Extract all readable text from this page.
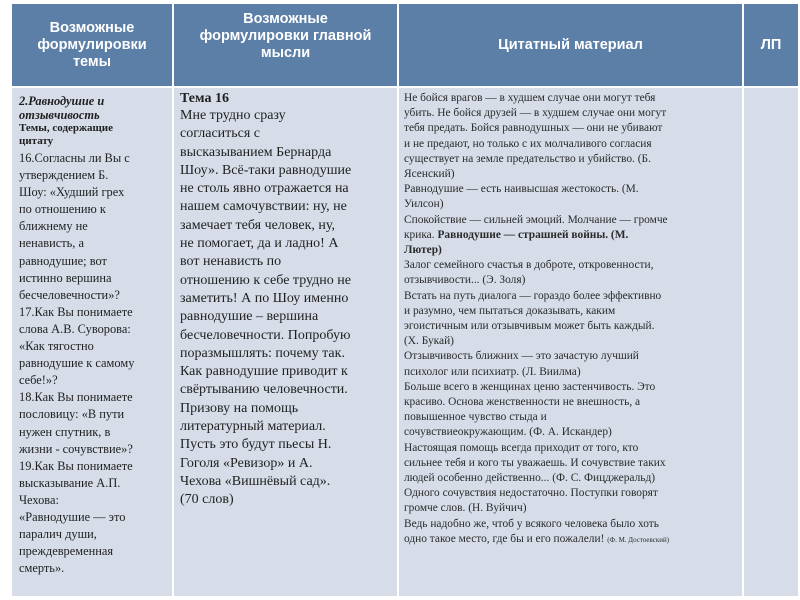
Возможные
формулировки
темы
Возможные
формулировки главной
мысли
Цитатный материал	ЛП
2.Равнодушие и
отзывчивость
Темы, содержащие
цитату
16.Согласны ли Вы с
утверждением Б.
Шоу: «Худший грех
по отношению к
ближнему не
ненависть, а
равнодушие; вот
истинно вершина
бесчеловечности»?
17.Как Вы понимаете
слова А.В. Суворова:
«Как тягостно
равнодушие к самому
себе!»?
18.Как Вы понимаете
пословицу: «В пути
нужен спутник, в
жизни - сочувствие»?
19.Как Вы понимаете
высказывание А.П.
Чехова:
«Равнодушие — это
паралич души,
преждевременная
смерть».
Тема 16
Мне трудно сразу
согласиться с
высказыванием Бернарда
Шоу». Всё-таки равнодушие
не столь явно отражается на
нашем самочувствии: ну, не
замечает тебя человек, ну,
не помогает, да и ладно! А
вот ненависть по
отношению к себе трудно не
заметить! А по Шоу именно
равнодушие – вершина
бесчеловечности. Попробую
поразмышлять: почему так.
Как равнодушие приводит к
свёртыванию человечности.
Призову на помощь
литературный материал.
Пусть это будут пьесы Н.
Гоголя «Ревизор» и А.
Чехова «Вишнёвый сад».
(70 слов)
Не бойся врагов — в худшем случае они могут тебя
убить. Не бойся друзей — в худшем случае они могут
тебя предать. Бойся равнодушных — они не убивают
и не предают, но только с их молчаливого согласия
существует на земле предательство и убийство. (Б.
Ясенский)
Равнодушие — есть наивысшая жестокость. (М.
Уилсон)
Спокойствие — сильней эмоций. Молчание — громче
крика. Равнодушие — страшней войны. (М.
Лютер)
Залог семейного счастья в доброте, откровенности,
отзывчивости... (Э. Золя)
Встать на путь диалога — гораздо более эффективно
и разумно, чем пытаться доказывать, каким
эгоистичным или отзывчивым может быть каждый.
(Х. Букай)
Отзывчивость ближних — это зачастую лучший
психолог или психиатр. (Л. Виилма)
Больше всего в женщинах ценю застенчивость. Это
красиво. Основа женственности не внешность, а
повышенное чувство стыда и
сочувствиеокружающим. (Ф. А. Искандер)
Настоящая помощь всегда приходит от того, кто
сильнее тебя и кого ты уважаешь. И сочувствие таких
людей особенно действенно... (Ф. С. Фицджеральд)
Одного сочувствия недостаточно. Поступки говорят
громче слов. (Н. Вуйчич)
Ведь надобно же, чтоб у всякого человека было хоть
одно такое место, где бы и его пожалели! (Ф. М. Достоевский)
